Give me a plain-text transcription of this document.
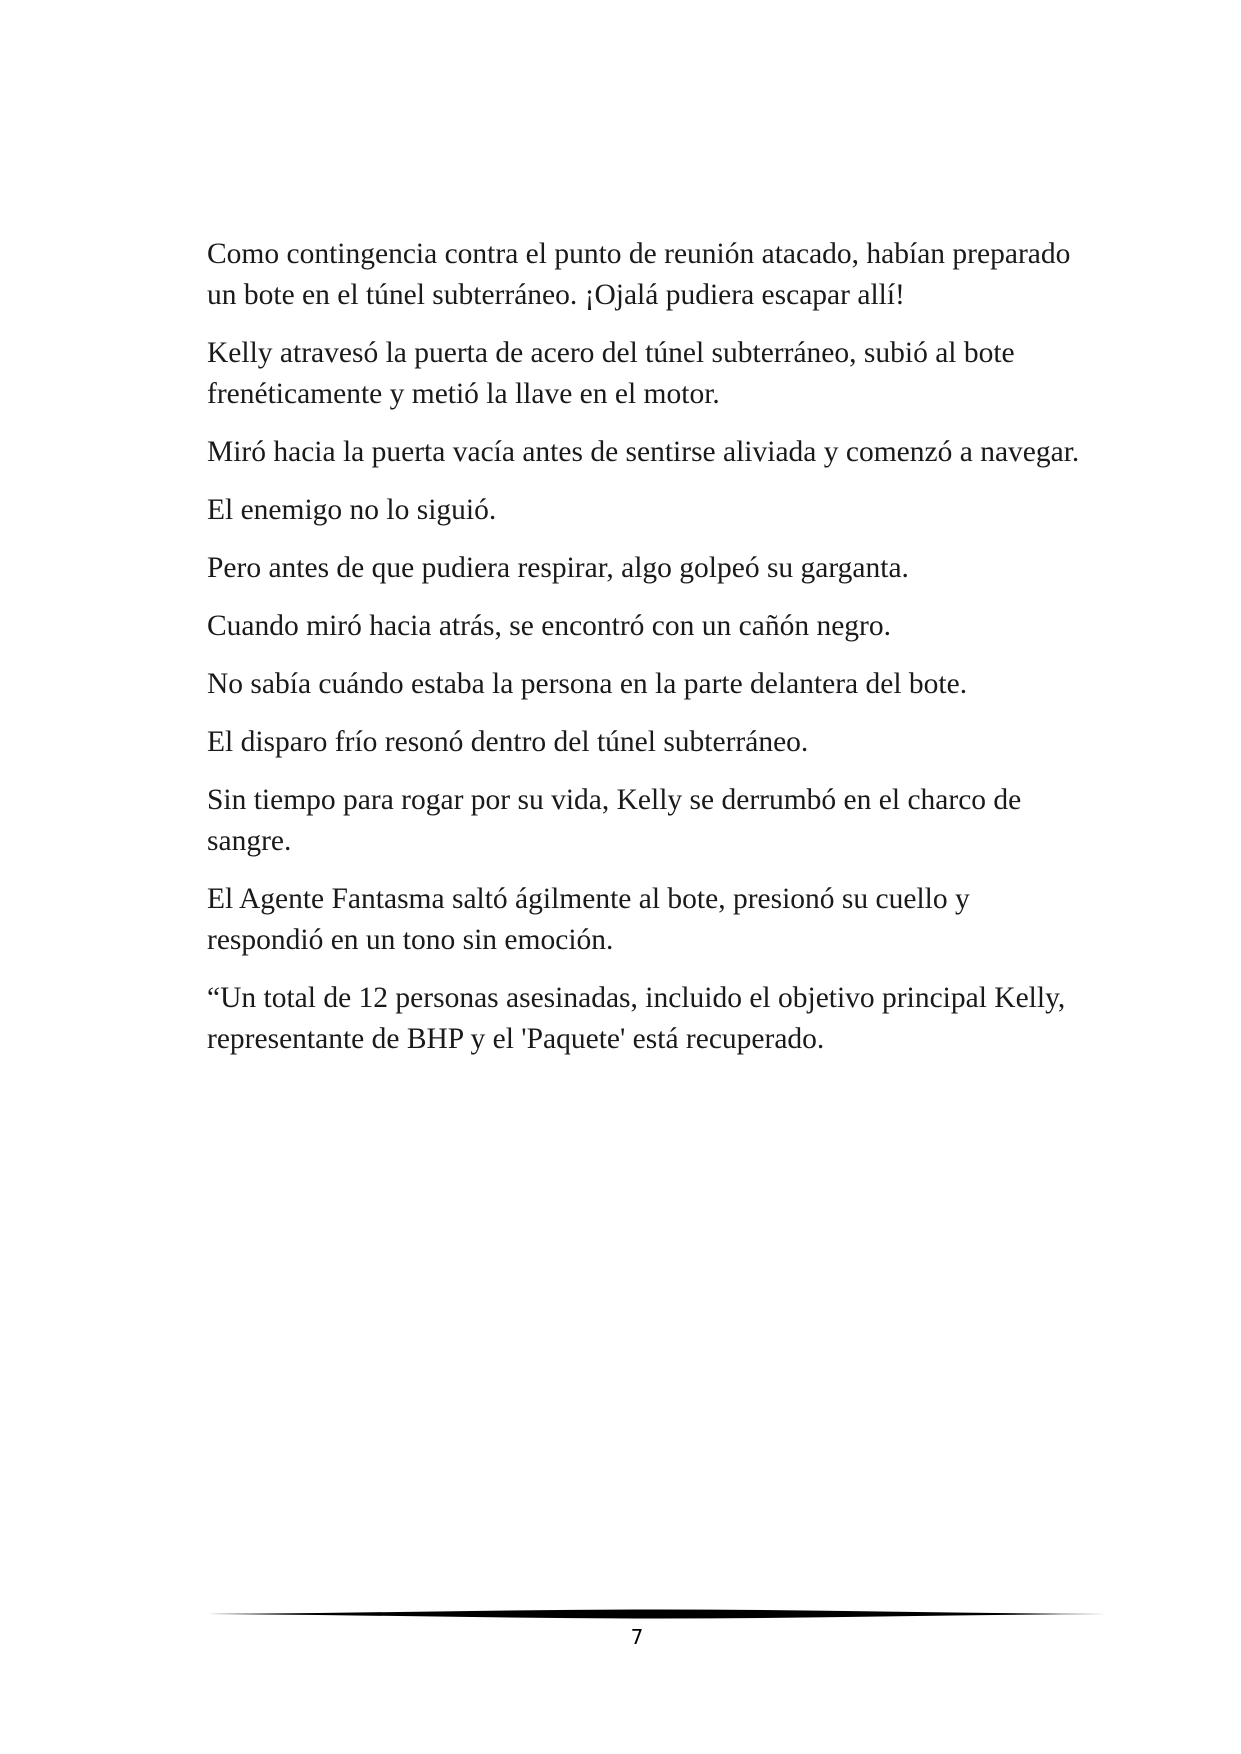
Como contingencia contra el punto de reunión atacado, habían preparado un bote en el túnel subterráneo. ¡Ojalá pudiera escapar allí!

Kelly atravesó la puerta de acero del túnel subterráneo, subió al bote frenéticamente y metió la llave en el motor.

Miró hacia la puerta vacía antes de sentirse aliviada y comenzó a navegar.

El enemigo no lo siguió.

Pero antes de que pudiera respirar, algo golpeó su garganta.

Cuando miró hacia atrás, se encontró con un cañón negro.

No sabía cuándo estaba la persona en la parte delantera del bote.

El disparo frío resonó dentro del túnel subterráneo.

Sin tiempo para rogar por su vida, Kelly se derrumbó en el charco de sangre.

El Agente Fantasma saltó ágilmente al bote, presionó su cuello y respondió en un tono sin emoción.

“Un total de 12 personas asesinadas, incluido el objetivo principal Kelly, representante de BHP y el 'Paquete' está recuperado.

7
